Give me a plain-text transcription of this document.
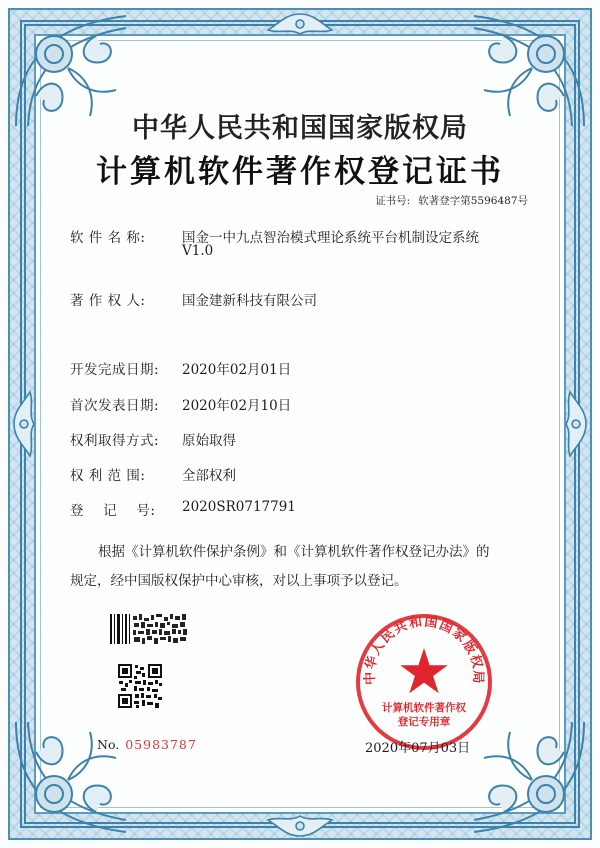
中华人民共和国国家版权局
计算机软件著作权登记证书
证书号: 软著登字第5596487号
软 件 名 称:	国金一中九点智治模式理论系统平台机制设定系统
V1.0
著 作 权 人:	国金建新科技有限公司
开发完成日期: 2020年02月01日
首次发表日期: 2020年02月10日
权利取得方式: 原始取得
权 利 范 围:	全部权利
登    记    号: 2020SR0717791
根据《计算机软件保护条例》和《计算机软件著作权登记办法》的
规定，经中国版权保护中心审核，对以上事项予以登记。
No. 05983787
中华人民共和国国家版权局
计算机软件著作权
登记专用章
2020年07月03日
